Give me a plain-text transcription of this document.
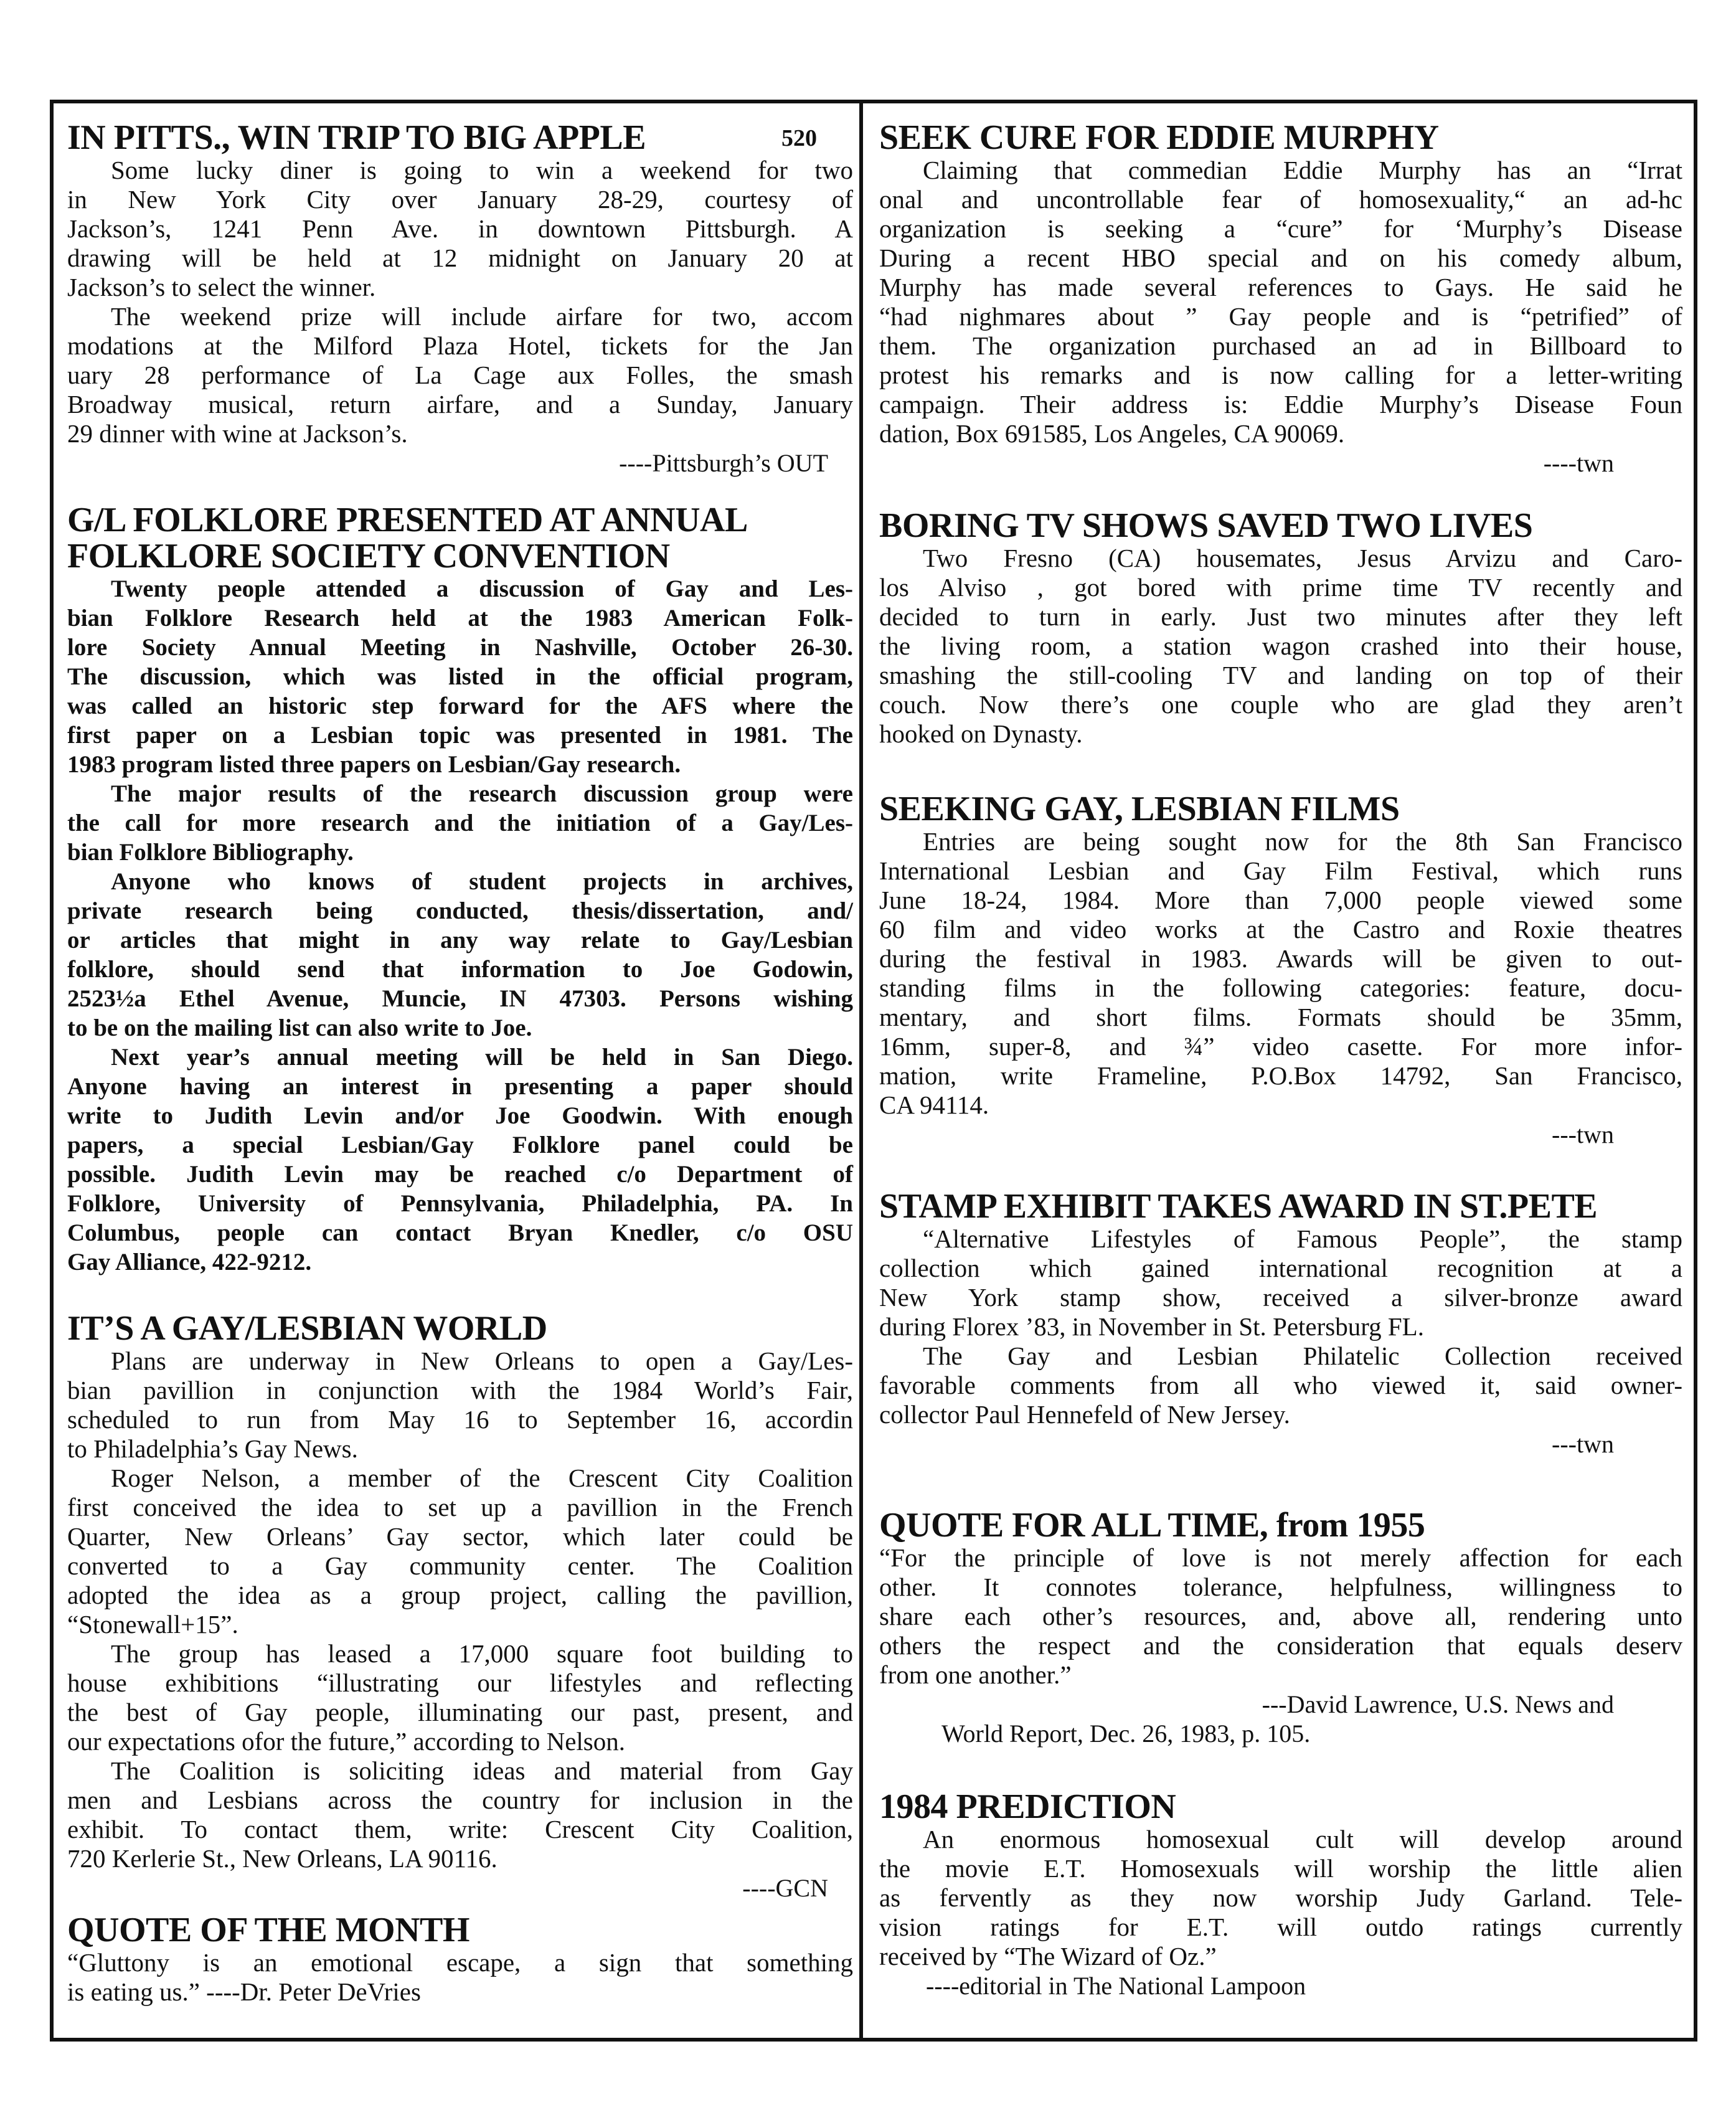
520
IN PITTS., WIN TRIP TO BIG APPLE
Some lucky diner is going to win a weekend for two
in New York City over January 28-29, courtesy of
Jackson’s, 1241 Penn Ave. in downtown Pittsburgh. A
drawing will be held at 12 midnight on January 20 at
Jackson’s to select the winner.
The weekend prize will include airfare for two, accom
modations at the Milford Plaza Hotel, tickets for the Jan
uary 28 performance of La Cage aux Folles, the smash
Broadway musical, return airfare, and a Sunday, January
29 dinner with wine at Jackson’s.
----Pittsburgh’s OUT
G/L FOLKLORE PRESENTED AT ANNUAL
FOLKLORE SOCIETY CONVENTION
Twenty people attended a discussion of Gay and Les-
bian Folklore Research held at the 1983 American Folk-
lore Society Annual Meeting in Nashville, October 26-30.
The discussion, which was listed in the official program,
was called an historic step forward for the AFS where the
first paper on a Lesbian topic was presented in 1981. The
1983 program listed three papers on Lesbian/Gay research.
The major results of the research discussion group were
the call for more research and the initiation of a Gay/Les-
bian Folklore Bibliography.
Anyone who knows of student projects in archives,
private research being conducted, thesis/dissertation, and/
or articles that might in any way relate to Gay/Lesbian
folklore, should send that information to Joe Godowin,
2523½a Ethel Avenue, Muncie, IN 47303. Persons wishing
to be on the mailing list can also write to Joe.
Next year’s annual meeting will be held in San Diego.
Anyone having an interest in presenting a paper should
write to Judith Levin and/or Joe Goodwin. With enough
papers, a special Lesbian/Gay Folklore panel could be
possible. Judith Levin may be reached c/o Department of
Folklore, University of Pennsylvania, Philadelphia, PA. In
Columbus, people can contact Bryan Knedler, c/o OSU
Gay Alliance, 422-9212.
IT’S A GAY/LESBIAN WORLD
Plans are underway in New Orleans to open a Gay/Les-
bian pavillion in conjunction with the 1984 World’s Fair,
scheduled to run from May 16 to September 16, accordin
to Philadelphia’s Gay News.
Roger Nelson, a member of the Crescent City Coalition
first conceived the idea to set up a pavillion in the French
Quarter, New Orleans’ Gay sector, which later could be
converted to a Gay community center. The Coalition
adopted the idea as a group project, calling the pavillion,
“Stonewall+15”.
The group has leased a 17,000 square foot building to
house exhibitions “illustrating our lifestyles and reflecting
the best of Gay people, illuminating our past, present, and
our expectations ofor the future,” according to Nelson.
The Coalition is soliciting ideas and material from Gay
men and Lesbians across the country for inclusion in the
exhibit. To contact them, write: Crescent City Coalition,
720 Kerlerie St., New Orleans, LA 90116.
----GCN
QUOTE OF THE MONTH
“Gluttony is an emotional escape, a sign that something
is eating us.” ----Dr. Peter DeVries
SEEK CURE FOR EDDIE MURPHY
Claiming that commedian Eddie Murphy has an “Irrat
onal and uncontrollable fear of homosexuality,“ an ad-hc
organization is seeking a “cure” for ‘Murphy’s Disease
During a recent HBO special and on his comedy album,
Murphy has made several references to Gays. He said he
“had nighmares about ” Gay people and is “petrified” of
them. The organization purchased an ad in Billboard to
protest his remarks and is now calling for a letter-writing
campaign. Their address is: Eddie Murphy’s Disease Foun
dation, Box 691585, Los Angeles, CA 90069.
----twn
BORING TV SHOWS SAVED TWO LIVES
Two Fresno (CA) housemates, Jesus Arvizu and Caro-
los Alviso , got bored with prime time TV recently and
decided to turn in early. Just two minutes after they left
the living room, a station wagon crashed into their house,
smashing the still-cooling TV and landing on top of their
couch. Now there’s one couple who are glad they aren’t
hooked on Dynasty.
SEEKING GAY, LESBIAN FILMS
Entries are being sought now for the 8th San Francisco
International Lesbian and Gay Film Festival, which runs
June 18-24, 1984. More than 7,000 people viewed some
60 film and video works at the Castro and Roxie theatres
during the festival in 1983. Awards will be given to out-
standing films in the following categories: feature, docu-
mentary, and short films. Formats should be 35mm,
16mm, super-8, and ¾” video casette. For more infor-
mation, write Frameline, P.O.Box 14792, San Francisco,
CA 94114.
---twn
STAMP EXHIBIT TAKES AWARD IN ST.PETE
“Alternative Lifestyles of Famous People”, the stamp
collection which gained international recognition at a
New York stamp show, received a silver-bronze award
during Florex ’83, in November in St. Petersburg FL.
The Gay and Lesbian Philatelic Collection received
favorable comments from all who viewed it, said owner-
collector Paul Hennefeld of New Jersey.
---twn
QUOTE FOR ALL TIME, from 1955
“For the principle of love is not merely affection for each
other. It connotes tolerance, helpfulness, willingness to
share each other’s resources, and, above all, rendering unto
others the respect and the consideration that equals deserv
from one another.”
---David Lawrence, U.S. News and
World Report, Dec. 26, 1983, p. 105.
1984 PREDICTION
An enormous homosexual cult will develop around
the movie E.T. Homosexuals will worship the little alien
as fervently as they now worship Judy Garland. Tele-
vision ratings for E.T. will outdo ratings currently
received by “The Wizard of Oz.”
----editorial in The National Lampoon
